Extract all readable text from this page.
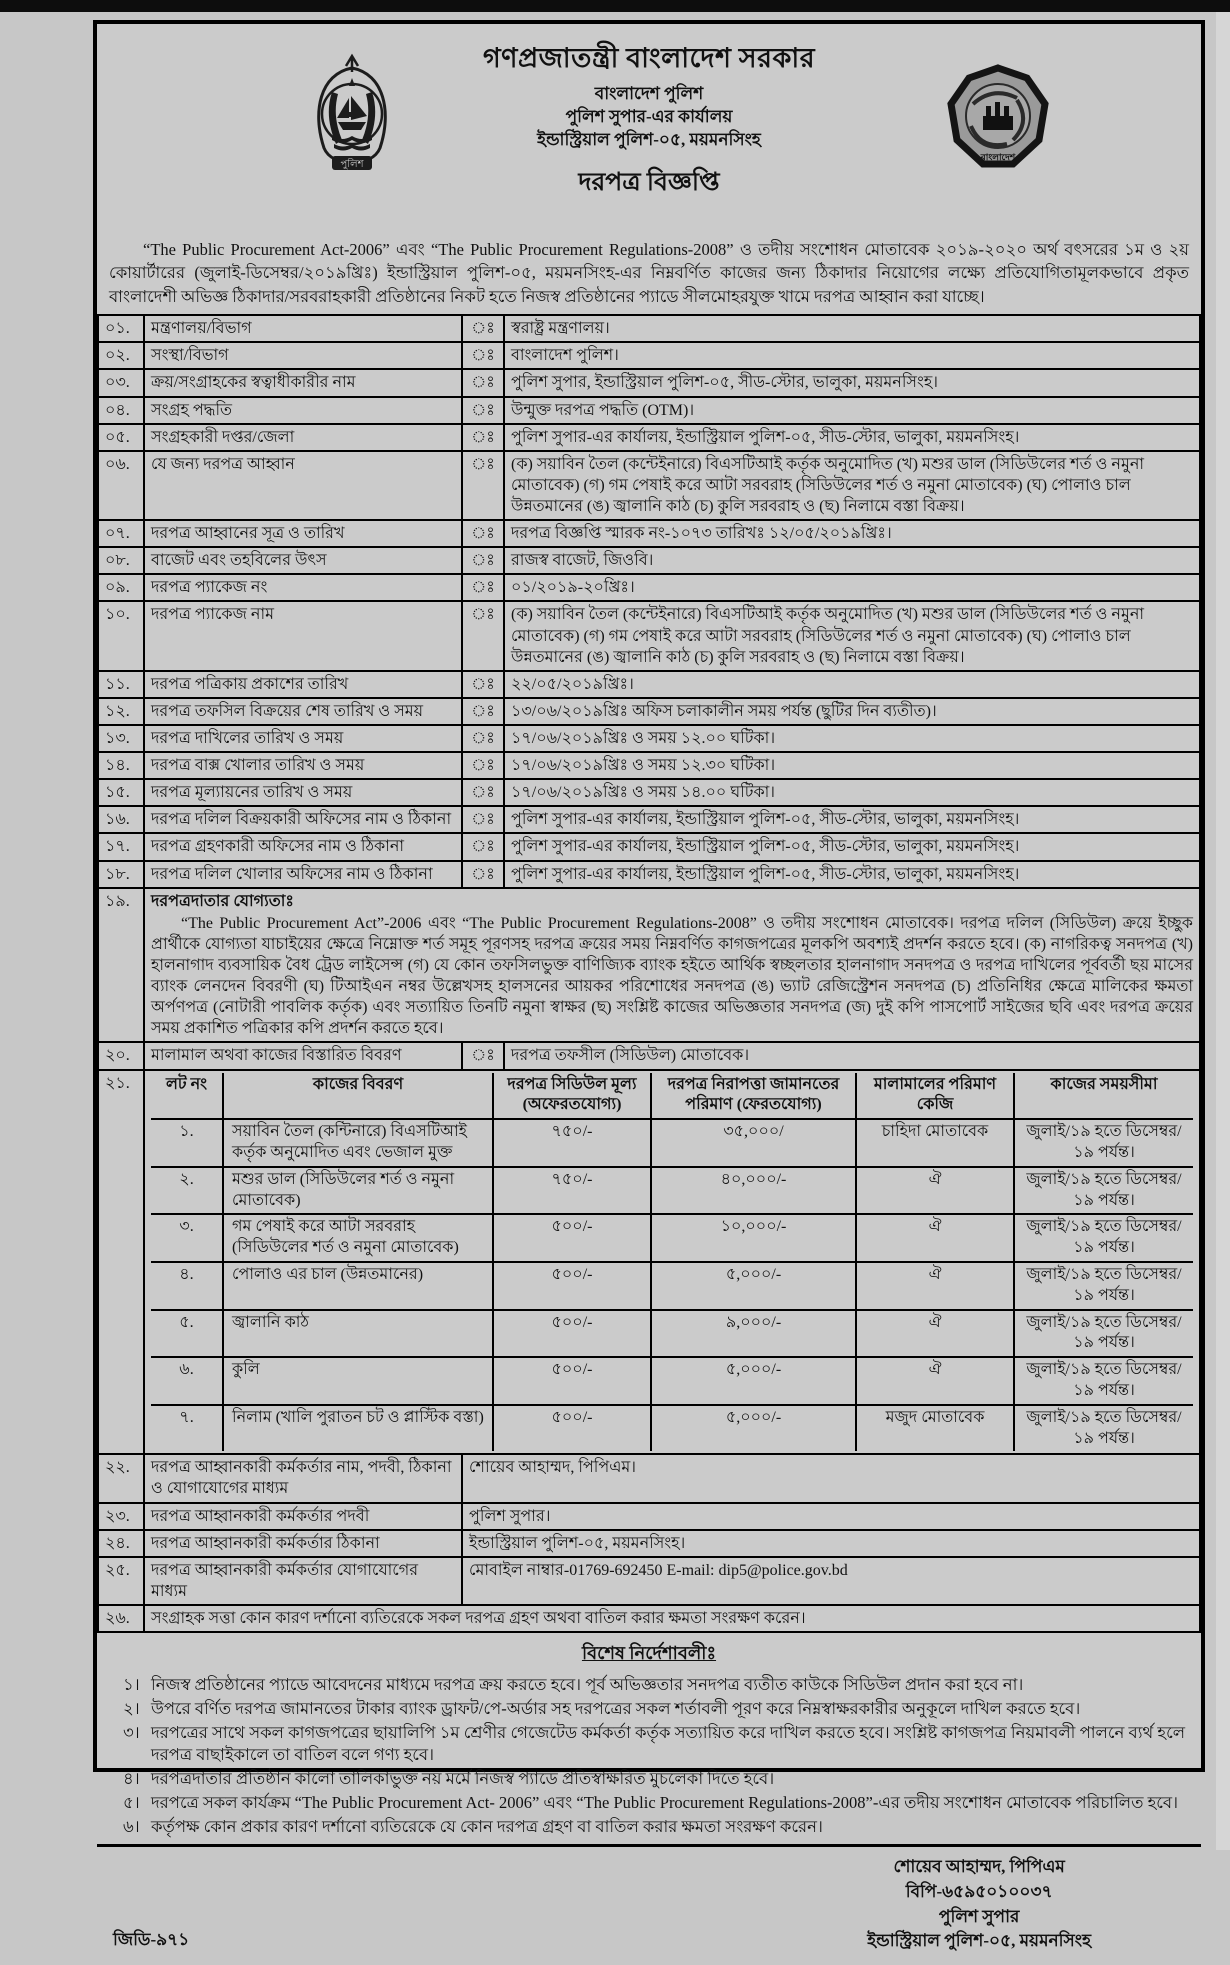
পুলিশ
গণপ্রজাতন্ত্রী বাংলাদেশ সরকার
বাংলাদেশ পুলিশ
পুলিশ সুপার-এর কার্যালয়
ইন্ডাস্ট্রিয়াল পুলিশ-০৫, ময়মনসিংহ
দরপত্র বিজ্ঞপ্তি
বাংলাদেশ
“The Public Procurement Act-2006” এবং “The Public Procurement Regulations-2008” ও তদীয় সংশোধন মোতাবেক ২০১৯-২০২০ অর্থ বৎসরের ১ম ও ২য় কোয়ার্টারের (জুলাই-ডিসেম্বর/২০১৯খ্রিঃ) ইন্ডাস্ট্রিয়াল পুলিশ-০৫, ময়মনসিংহ-এর নিম্নবর্ণিত কাজের জন্য ঠিকাদার নিয়োগের লক্ষ্যে প্রতিযোগিতামূলকভাবে প্রকৃত বাংলাদেশী অভিজ্ঞ ঠিকাদার/সরবরাহকারী প্রতিষ্ঠানের নিকট হতে নিজস্ব প্রতিষ্ঠানের প্যাডে সীলমোহরযুক্ত খামে দরপত্র আহ্বান করা যাচ্ছে।
০১.	মন্ত্রণালয়/বিভাগ	ঃ	স্বরাষ্ট্র মন্ত্রণালয়।
০২.	সংস্থা/বিভাগ	ঃ	বাংলাদেশ পুলিশ।
০৩.	ক্রয়/সংগ্রাহকের স্বত্বাধীকারীর নাম	ঃ	পুলিশ সুপার, ইন্ডাস্ট্রিয়াল পুলিশ-০৫, সীড-স্টোর, ভালুকা, ময়মনসিংহ।
০৪.	সংগ্রহ পদ্ধতি	ঃ	উন্মুক্ত দরপত্র পদ্ধতি (OTM)।
০৫.	সংগ্রহকারী দপ্তর/জেলা	ঃ	পুলিশ সুপার-এর কার্যালয়, ইন্ডাস্ট্রিয়াল পুলিশ-০৫, সীড-স্টোর, ভালুকা, ময়মনসিংহ।
০৬.	যে জন্য দরপত্র আহ্বান	ঃ	(ক) সয়াবিন তৈল (কন্টেইনারে) বিএসটিআই কর্তৃক অনুমোদিত (খ) মশুর ডাল (সিডিউলের শর্ত ও নমুনা মোতাবেক) (গ) গম পেষাই করে আটা সরবরাহ (সিডিউলের শর্ত ও নমুনা মোতাবেক) (ঘ) পোলাও চাল উন্নতমানের (ঙ) জ্বালানি কাঠ (চ) কুলি সরবরাহ ও (ছ) নিলামে বস্তা বিক্রয়।
০৭.	দরপত্র আহ্বানের সূত্র ও তারিখ	ঃ	দরপত্র বিজ্ঞপ্তি স্মারক নং-১০৭৩ তারিখঃ ১২/০৫/২০১৯খ্রিঃ।
০৮.	বাজেট এবং তহবিলের উৎস	ঃ	রাজস্ব বাজেট, জিওবি।
০৯.	দরপত্র প্যাকেজ নং	ঃ	০১/২০১৯-২০খ্রিঃ।
১০.	দরপত্র প্যাকেজ নাম	ঃ	(ক) সয়াবিন তৈল (কন্টেইনারে) বিএসটিআই কর্তৃক অনুমোদিত (খ) মশুর ডাল (সিডিউলের শর্ত ও নমুনা মোতাবেক) (গ) গম পেষাই করে আটা সরবরাহ (সিডিউলের শর্ত ও নমুনা মোতাবেক) (ঘ) পোলাও চাল উন্নতমানের (ঙ) জ্বালানি কাঠ (চ) কুলি সরবরাহ ও (ছ) নিলামে বস্তা বিক্রয়।
১১.	দরপত্র পত্রিকায় প্রকাশের তারিখ	ঃ	২২/০৫/২০১৯খ্রিঃ।
১২.	দরপত্র তফসিল বিক্রয়ের শেষ তারিখ ও সময়	ঃ	১৩/০৬/২০১৯খ্রিঃ অফিস চলাকালীন সময় পর্যন্ত (ছুটির দিন ব্যতীত)।
১৩.	দরপত্র দাখিলের তারিখ ও সময়	ঃ	১৭/০৬/২০১৯খ্রিঃ ও সময় ১২.০০ ঘটিকা।
১৪.	দরপত্র বাক্স খোলার তারিখ ও সময়	ঃ	১৭/০৬/২০১৯খ্রিঃ ও সময় ১২.৩০ ঘটিকা।
১৫.	দরপত্র মূল্যায়নের তারিখ ও সময়	ঃ	১৭/০৬/২০১৯খ্রিঃ ও সময় ১৪.০০ ঘটিকা।
১৬.	দরপত্র দলিল বিক্রয়কারী অফিসের নাম ও ঠিকানা	ঃ	পুলিশ সুপার-এর কার্যালয়, ইন্ডাস্ট্রিয়াল পুলিশ-০৫, সীড-স্টোর, ভালুকা, ময়মনসিংহ।
১৭.	দরপত্র গ্রহণকারী অফিসের নাম ও ঠিকানা	ঃ	পুলিশ সুপার-এর কার্যালয়, ইন্ডাস্ট্রিয়াল পুলিশ-০৫, সীড-স্টোর, ভালুকা, ময়মনসিংহ।
১৮.	দরপত্র দলিল খোলার অফিসের নাম ও ঠিকানা	ঃ	পুলিশ সুপার-এর কার্যালয়, ইন্ডাস্ট্রিয়াল পুলিশ-০৫, সীড-স্টোর, ভালুকা, ময়মনসিংহ।
১৯.	দরপত্রদাতার যোগ্যতাঃ
“The Public Procurement Act”-2006 এবং “The Public Procurement Regulations-2008” ও তদীয় সংশোধন মোতাবেক। দরপত্র দলিল (সিডিউল) ক্রয়ে ইচ্ছুক প্রার্থীকে যোগ্যতা যাচাইয়ের ক্ষেত্রে নিম্নোক্ত শর্ত সমূহ পূরণসহ দরপত্র ক্রয়ের সময় নিম্নবর্ণিত কাগজপত্রের মূলকপি অবশ্যই প্রদর্শন করতে হবে। (ক) নাগরিকত্ব সনদপত্র (খ) হালনাগাদ ব্যবসায়িক বৈধ ট্রেড লাইসেন্স (গ) যে কোন তফসিলভুক্ত বাণিজ্যিক ব্যাংক হইতে আর্থিক স্বচ্ছলতার হালনাগাদ সনদপত্র ও দরপত্র দাখিলের পূর্ববর্তী ছয় মাসের ব্যাংক লেনদেন বিবরণী (ঘ) টিআইএন নম্বর উল্লেখসহ হালসনের আয়কর পরিশোধের সনদপত্র (ঙ) ভ্যাট রেজিস্ট্রেশন সনদপত্র (চ) প্রতিনিধির ক্ষেত্রে মালিকের ক্ষমতা অর্পণপত্র (নোটারী পাবলিক কর্তৃক) এবং সত্যায়িত তিনটি নমুনা স্বাক্ষর (ছ) সংশ্লিষ্ট কাজের অভিজ্ঞতার সনদপত্র (জ) দুই কপি পাসপোর্ট সাইজের ছবি এবং দরপত্র ক্রয়ের সময় প্রকাশিত পত্রিকার কপি প্রদর্শন করতে হবে।

২০.	মালামাল অথবা কাজের বিস্তারিত বিবরণ	ঃ	দরপত্র তফসীল (সিডিউল) মোতাবেক।
২১.	লট নং	কাজের বিবরণ	দরপত্র সিডিউল মূল্য (অফেরতযোগ্য)	দরপত্র নিরাপত্তা জামানতের পরিমাণ (ফেরতযোগ্য)	মালামালের পরিমাণ কেজি	কাজের সময়সীমা
১.	সয়াবিন তৈল (কন্টিনারে) বিএসটিআই কর্তৃক অনুমোদিত এবং ভেজাল মুক্ত	৭৫০/-	৩৫,০০০/	চাহিদা মোতাবেক	জুলাই/১৯ হতে ডিসেম্বর/১৯ পর্যন্ত।
২.	মশুর ডাল (সিডিউলের শর্ত ও নমুনা মোতাবেক)	৭৫০/-	৪০,০০০/-	ঐ	জুলাই/১৯ হতে ডিসেম্বর/১৯ পর্যন্ত।
৩.	গম পেষাই করে আটা সরবরাহ (সিডিউলের শর্ত ও নমুনা মোতাবেক)	৫০০/-	১০,০০০/-	ঐ	জুলাই/১৯ হতে ডিসেম্বর/১৯ পর্যন্ত।
৪.	পোলাও এর চাল (উন্নতমানের)	৫০০/-	৫,০০০/-	ঐ	জুলাই/১৯ হতে ডিসেম্বর/১৯ পর্যন্ত।
৫.	জ্বালানি কাঠ	৫০০/-	৯,০০০/-	ঐ	জুলাই/১৯ হতে ডিসেম্বর/১৯ পর্যন্ত।
৬.	কুলি	৫০০/-	৫,০০০/-	ঐ	জুলাই/১৯ হতে ডিসেম্বর/১৯ পর্যন্ত।
৭.	নিলাম (খালি পুরাতন চট ও প্লাস্টিক বস্তা)	৫০০/-	৫,০০০/-	মজুদ মোতাবেক	জুলাই/১৯ হতে ডিসেম্বর/১৯ পর্যন্ত।

২২.	দরপত্র আহ্বানকারী কর্মকর্তার নাম, পদবী, ঠিকানা ও যোগাযোগের মাধ্যম	শোয়েব আহাম্মদ, পিপিএম।
২৩.	দরপত্র আহ্বানকারী কর্মকর্তার পদবী	পুলিশ সুপার।
২৪.	দরপত্র আহ্বানকারী কর্মকর্তার ঠিকানা	ইন্ডাস্ট্রিয়াল পুলিশ-০৫, ময়মনসিংহ।
২৫.	দরপত্র আহ্বানকারী কর্মকর্তার যোগাযোগের মাধ্যম	মোবাইল নাম্বার-01769-692450 E-mail: dip5@police.gov.bd
২৬.	সংগ্রাহক সত্তা কোন কারণ দর্শানো ব্যতিরেকে সকল দরপত্র গ্রহণ অথবা বাতিল করার ক্ষমতা সংরক্ষণ করেন।
বিশেষ নির্দেশাবলীঃ
১। নিজস্ব প্রতিষ্ঠানের প্যাডে আবেদনের মাধ্যমে দরপত্র ক্রয় করতে হবে। পূর্ব অভিজ্ঞতার সনদপত্র ব্যতীত কাউকে সিডিউল প্রদান করা হবে না।
২। উপরে বর্ণিত দরপত্র জামানতের টাকার ব্যাংক ড্রাফট/পে-অর্ডার সহ দরপত্রের সকল শর্তাবলী পূরণ করে নিম্নস্বাক্ষরকারীর অনুকূলে দাখিল করতে হবে।
৩। দরপত্রের সাথে সকল কাগজপত্রের ছায়ালিপি ১ম শ্রেণীর গেজেটেড কর্মকর্তা কর্তৃক সত্যায়িত করে দাখিল করতে হবে। সংশ্লিষ্ট কাগজপত্র নিয়মাবলী পালনে ব্যর্থ হলে দরপত্র বাছাইকালে তা বাতিল বলে গণ্য হবে।
৪। দরপত্রদাতার প্রতিষ্ঠান কালো তালিকাভুক্ত নয় মর্মে নিজস্ব প্যাডে প্রতিস্বাক্ষরিত মুচলেকা দিতে হবে।
৫। দরপত্রে সকল কার্যক্রম “The Public Procurement Act- 2006” এবং “The Public Procurement Regulations-2008”-এর তদীয় সংশোধন মোতাবেক পরিচালিত হবে।
৬। কর্তৃপক্ষ কোন প্রকার কারণ দর্শানো ব্যতিরেকে যে কোন দরপত্র গ্রহণ বা বাতিল করার ক্ষমতা সংরক্ষণ করেন।
শোয়েব আহাম্মদ, পিপিএম
বিপি-৬৫৯৫০১০০৩৭
পুলিশ সুপার
ইন্ডাস্ট্রিয়াল পুলিশ-০৫, ময়মনসিংহ
জিডি-৯৭১
